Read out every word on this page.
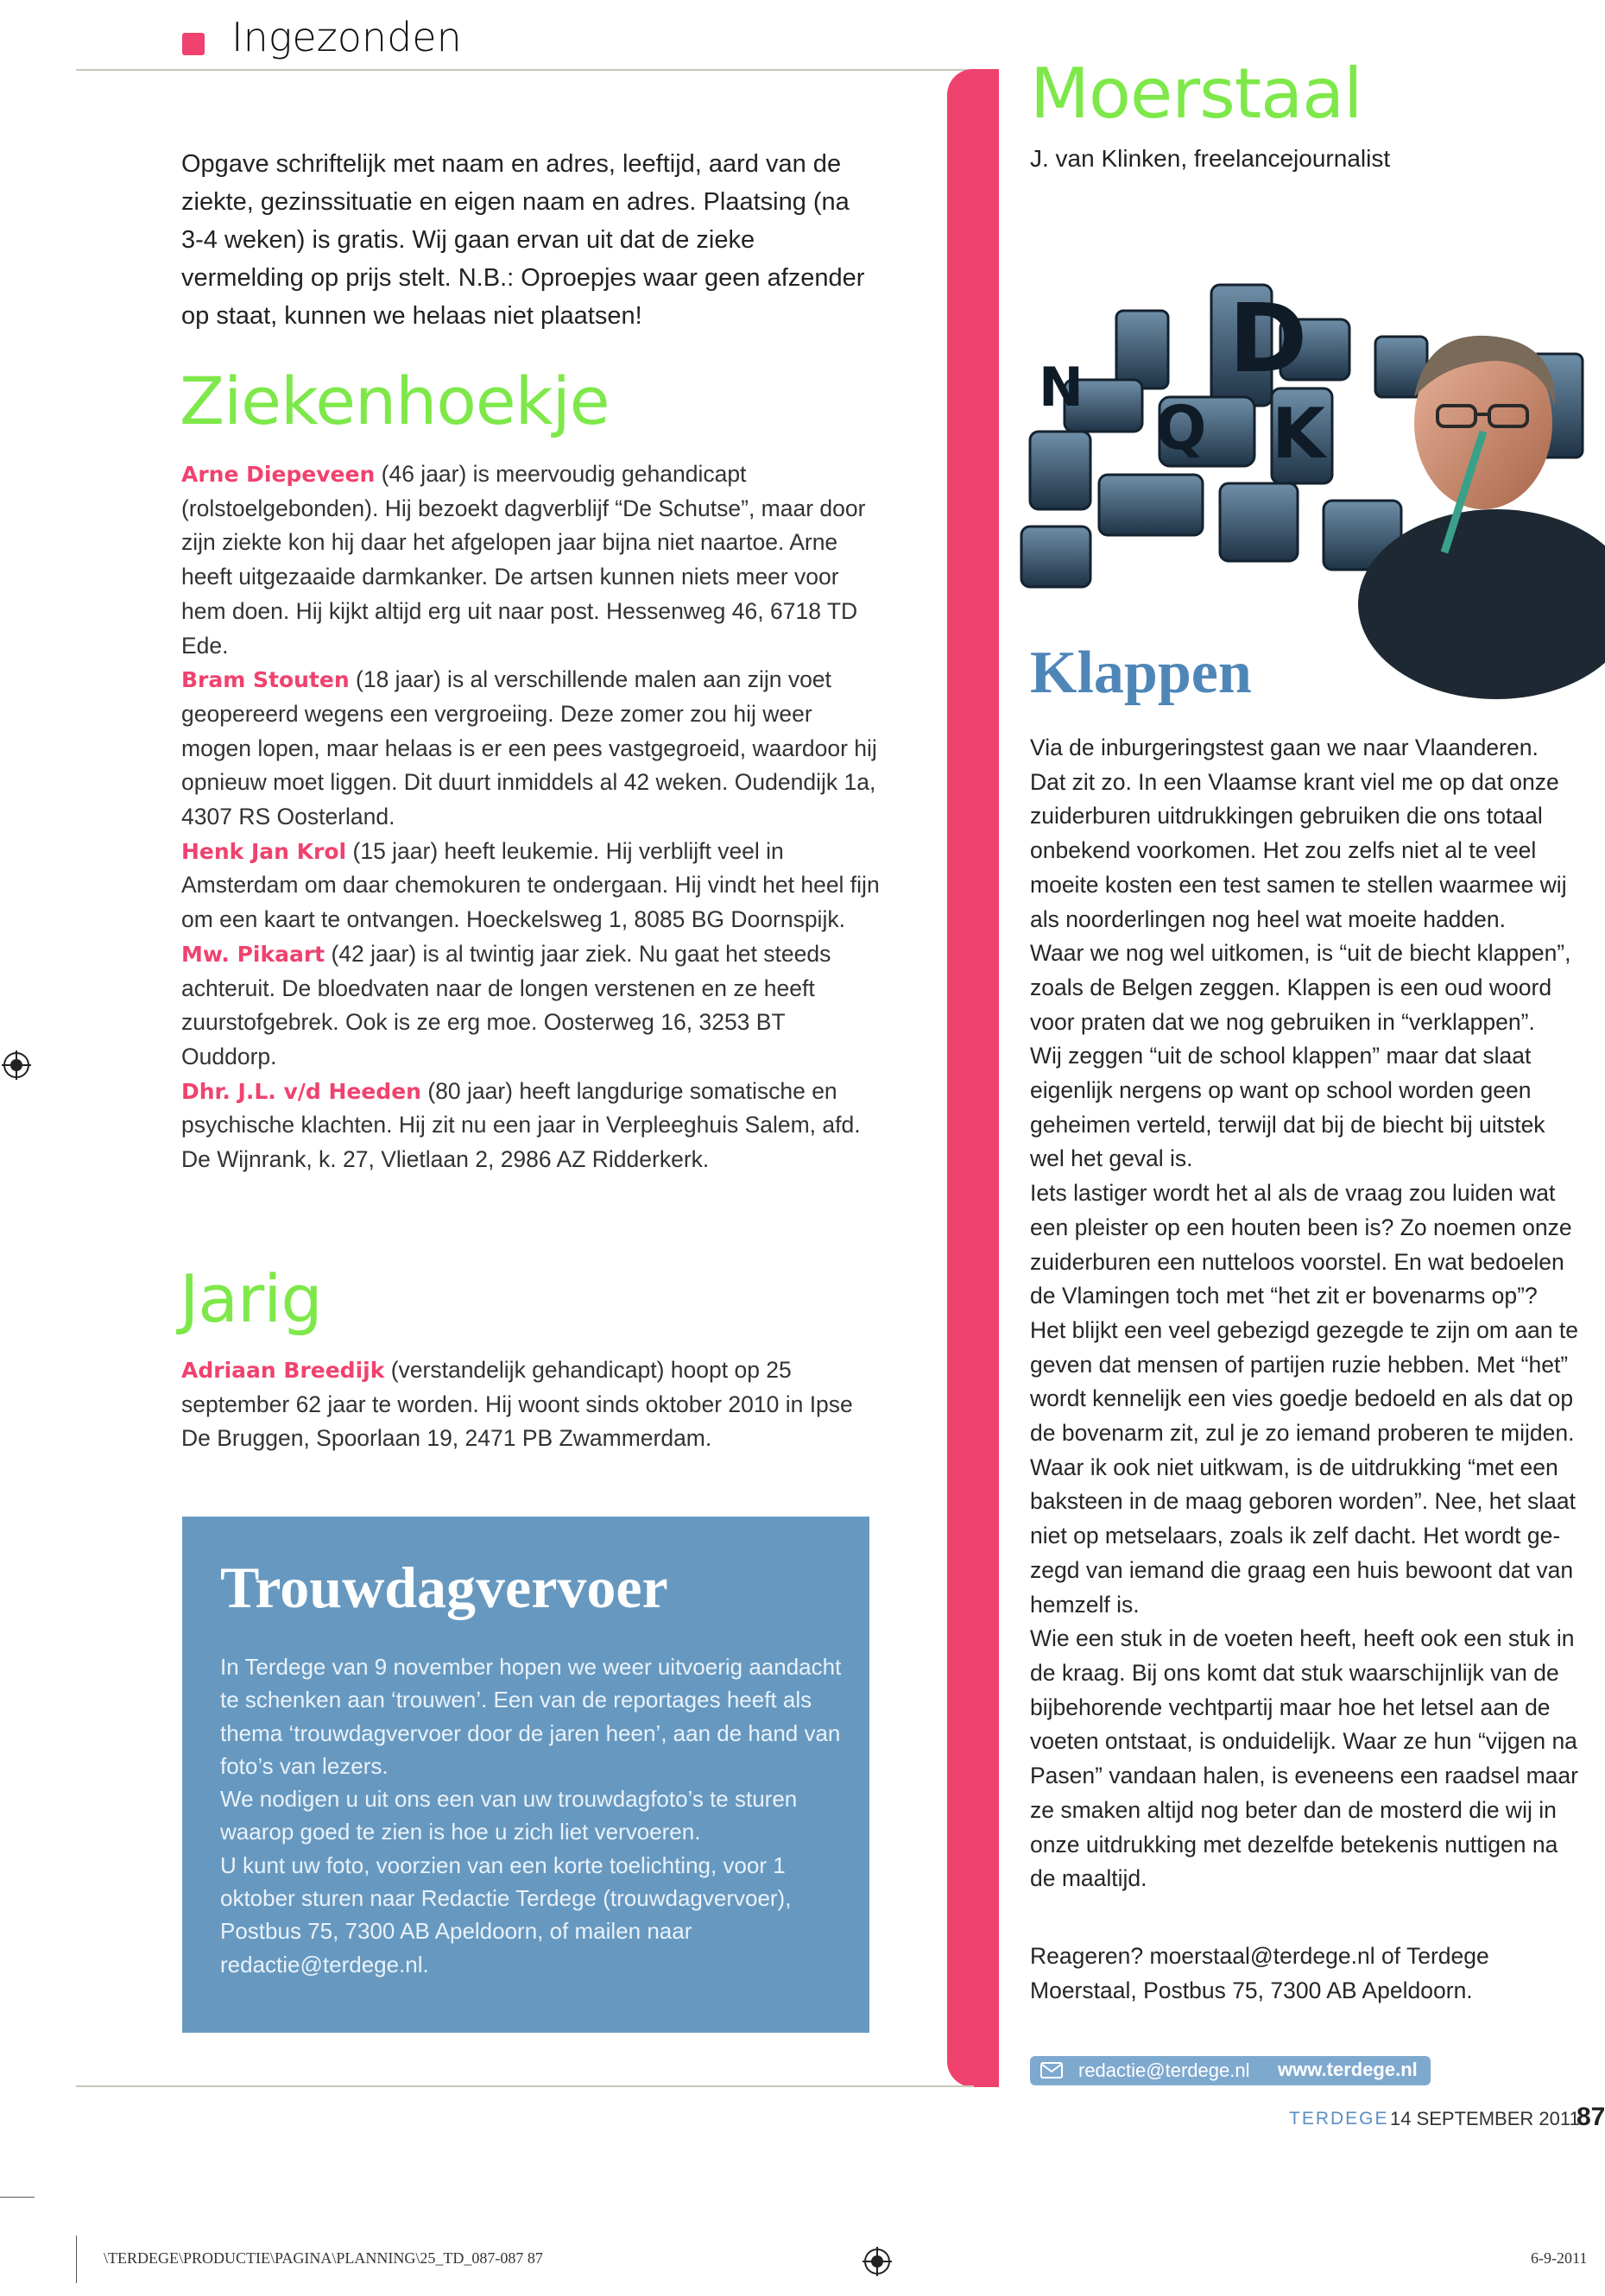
Ingezonden
Opgave schriftelijk met naam en adres, leeftijd, aard van de ziekte, gezinssituatie en eigen naam en adres. Plaatsing (na 3-4 weken) is gratis. Wij gaan ervan uit dat de zieke vermelding op prijs stelt. N.B.: Oproepjes waar geen afzender op staat, kunnen we helaas niet plaatsen!
Ziekenhoekje

Arne Diepeveen (46 jaar) is meervoudig gehandicapt (rolstoelgebonden). Hij bezoekt dagverblijf “De Schutse”, maar door zijn ziekte kon hij daar het afgelopen jaar bijna niet naartoe. Arne heeft uitgezaaide darmkanker. De artsen kunnen niets meer voor hem doen. Hij kijkt altijd erg uit naar post. Hessenweg 46, 6718 TD Ede.

Bram Stouten (18 jaar) is al verschillende malen aan zijn voet geopereerd wegens een vergroeiing. Deze zomer zou hij weer mogen lopen, maar helaas is er een pees vastgegroeid, waardoor hij opnieuw moet liggen. Dit duurt inmiddels al 42 weken. Oudendijk 1a, 4307 RS Oosterland.

Henk Jan Krol (15 jaar) heeft leukemie. Hij verblijft veel in Amsterdam om daar chemokuren te ondergaan. Hij vindt het heel fijn om een kaart te ontvangen. Hoeckelsweg 1, 8085 BG Doornspijk.

Mw. Pikaart (42 jaar) is al twintig jaar ziek. Nu gaat het steeds achteruit. De bloedvaten naar de longen verstenen en ze heeft zuurstofgebrek. Ook is ze erg moe. Oosterweg 16, 3253 BT Ouddorp.

Dhr. J.L. v/d Heeden (80 jaar) heeft langdurige somatische en psychische klachten. Hij zit nu een jaar in Verpleeghuis Salem, afd. De Wijnrank, k. 27, Vlietlaan 2, 2986 AZ Ridderkerk.

Jarig

Adriaan Breedijk (verstandelijk gehandicapt) hoopt op 25 september 62 jaar te worden. Hij woont sinds oktober 2010 in Ipse De Bruggen, Spoorlaan 19, 2471 PB Zwammerdam.

Trouwdagvervoer

In Terdege van 9 november hopen we weer uitvoerig aandacht te schenken aan ‘trouwen’. Een van de reportages heeft als thema ‘trouwdagvervoer door de jaren heen’, aan de hand van foto’s van lezers.

We nodigen u uit ons een van uw trouwdagfoto’s te sturen waarop goed te zien is hoe u zich liet vervoeren.

U kunt uw foto, voorzien van een korte toelichting, voor 1 oktober sturen naar Redactie Terdege (trouwdagvervoer), Postbus 75, 7300 AB Apeldoorn, of mailen naar redactie@terdege.nl.

Moerstaal
J. van Klinken, freelancejournalist
N D
Q K
Klappen

Via de inburgeringstest gaan we naar Vlaanderen.

Dat zit zo. In een Vlaamse krant viel me op dat onze

zuiderburen uitdrukkingen gebruiken die ons totaal

onbekend voorkomen. Het zou zelfs niet al te veel

moeite kosten een test samen te stellen waarmee wij

als noorderlingen nog heel wat moeite hadden.

Waar we nog wel uitkomen, is “uit de biecht klappen”,

zoals de Belgen zeggen. Klappen is een oud woord

voor praten dat we nog gebruiken in “verklappen”.

Wij zeggen “uit de school klappen” maar dat slaat

eigenlijk nergens op want op school worden geen

geheimen verteld, terwijl dat bij de biecht bij uitstek

wel het geval is.

Iets lastiger wordt het al als de vraag zou luiden wat

een pleister op een houten been is? Zo noemen onze

zuiderburen een nutteloos voorstel. En wat bedoelen

de Vlamingen toch met “het zit er bovenarms op”?

Het blijkt een veel gebezigd gezegde te zijn om aan te

geven dat mensen of partijen ruzie hebben. Met “het”

wordt kennelijk een vies goedje bedoeld en als dat op

de bovenarm zit, zul je zo iemand proberen te mijden.

Waar ik ook niet uitkwam, is de uitdrukking “met een

baksteen in de maag geboren worden”. Nee, het slaat

niet op metselaars, zoals ik zelf dacht. Het wordt ge-

zegd van iemand die graag een huis bewoont dat van

hemzelf is.

Wie een stuk in de voeten heeft, heeft ook een stuk in

de kraag. Bij ons komt dat stuk waarschijnlijk van de

bijbehorende vechtpartij maar hoe het letsel aan de

voeten ontstaat, is onduidelijk. Waar ze hun “vijgen na

Pasen” vandaan halen, is eveneens een raadsel maar

ze smaken altijd nog beter dan de mosterd die wij in

onze uitdrukking met dezelfde betekenis nuttigen na

de maaltijd.

Reageren? moerstaal@terdege.nl of Terdege Moerstaal, Postbus 75, 7300 AB Apeldoorn.

redactie@terdege.nl www.terdege.nl
TERDEGE 14 SEPTEMBER 2011
87
\TERDEGE\PRODUCTIE\PAGINA\PLANNING\25_TD_087-087 87	6-9-2011
